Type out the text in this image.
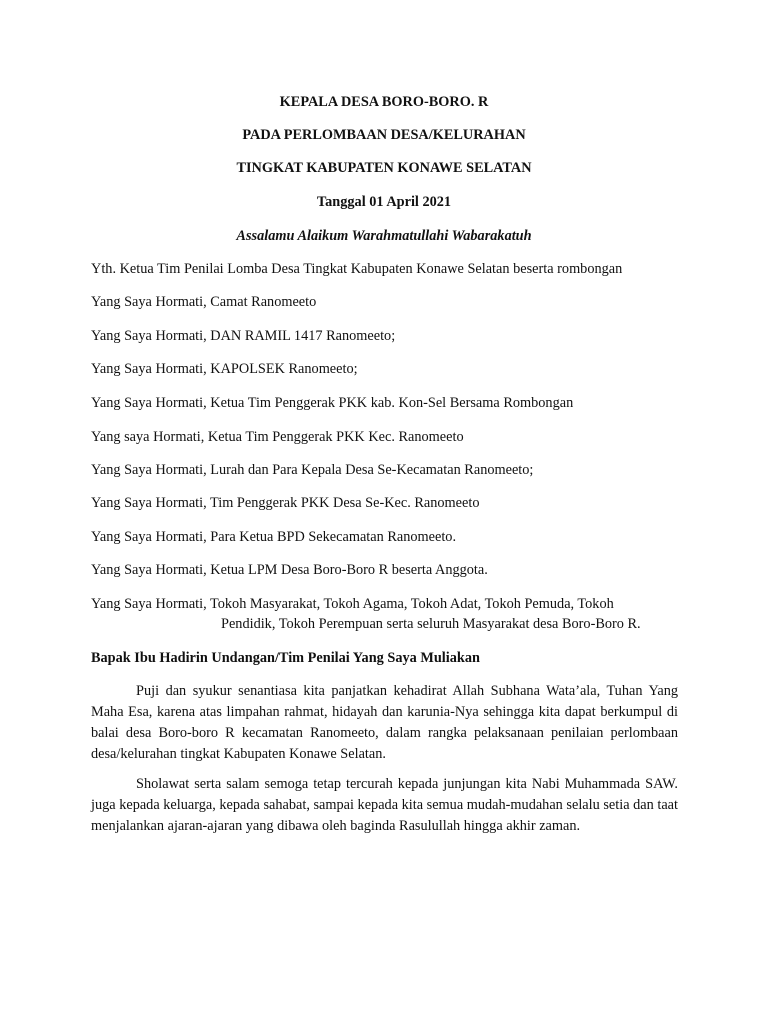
KEPALA DESA BORO-BORO. R
PADA PERLOMBAAN DESA/KELURAHAN
TINGKAT KABUPATEN KONAWE SELATAN
Tanggal 01 April 2021
Assalamu Alaikum Warahmatullahi Wabarakatuh
Yth. Ketua Tim Penilai Lomba Desa Tingkat Kabupaten Konawe Selatan beserta rombongan
Yang Saya Hormati, Camat Ranomeeto
Yang Saya Hormati, DAN RAMIL 1417 Ranomeeto;
Yang Saya Hormati, KAPOLSEK Ranomeeto;
Yang Saya Hormati, Ketua Tim Penggerak PKK kab. Kon-Sel Bersama Rombongan
Yang saya Hormati, Ketua Tim Penggerak PKK Kec. Ranomeeto
Yang Saya Hormati, Lurah dan Para Kepala Desa Se-Kecamatan Ranomeeto;
Yang Saya Hormati, Tim Penggerak PKK Desa Se-Kec. Ranomeeto
Yang Saya Hormati, Para Ketua BPD Sekecamatan Ranomeeto.
Yang Saya Hormati, Ketua LPM Desa Boro-Boro R beserta Anggota.
Yang Saya Hormati, Tokoh Masyarakat, Tokoh Agama, Tokoh Adat, Tokoh Pemuda, Tokoh
Pendidik, Tokoh Perempuan serta seluruh Masyarakat desa Boro-Boro R.
Bapak Ibu Hadirin Undangan/Tim Penilai Yang Saya Muliakan
Puji dan syukur senantiasa kita panjatkan kehadirat Allah Subhana Wata’ala, Tuhan Yang Maha Esa, karena atas limpahan rahmat, hidayah dan karunia-Nya sehingga kita dapat berkumpul di balai desa Boro-boro R kecamatan Ranomeeto, dalam rangka pelaksanaan penilaian perlombaan desa/kelurahan tingkat Kabupaten Konawe Selatan.
Sholawat serta salam semoga tetap tercurah kepada junjungan kita Nabi Muhammada SAW. juga kepada keluarga, kepada sahabat, sampai kepada kita semua mudah-mudahan selalu setia dan taat menjalankan ajaran-ajaran yang dibawa oleh baginda Rasulullah hingga akhir zaman.
